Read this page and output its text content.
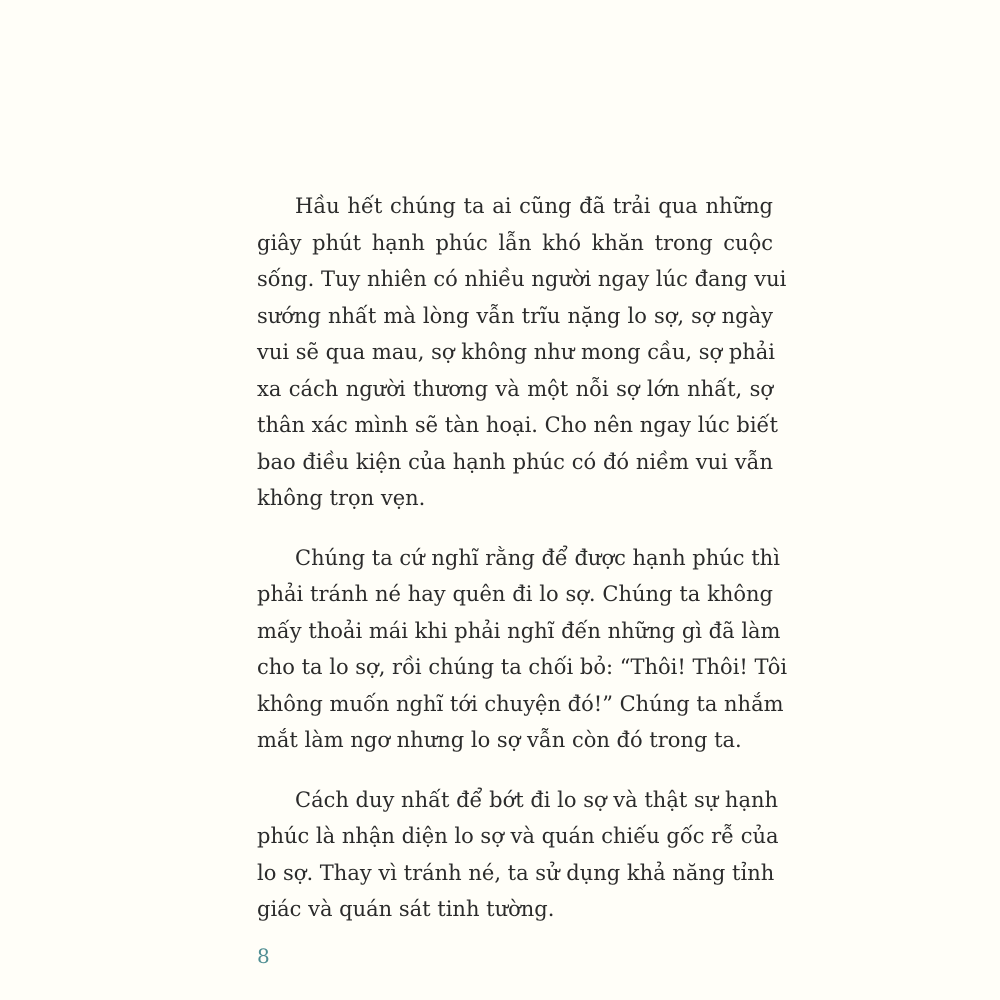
Hầu hết chúng ta ai cũng đã trải qua những
giây phút hạnh phúc lẫn khó khăn trong cuộc
sống. Tuy nhiên có nhiều người ngay lúc đang vui
sướng nhất mà lòng vẫn trĩu nặng lo sợ, sợ ngày
vui sẽ qua mau, sợ không như mong cầu, sợ phải
xa cách người thương và một nỗi sợ lớn nhất, sợ
thân xác mình sẽ tàn hoại. Cho nên ngay lúc biết
bao điều kiện của hạnh phúc có đó niềm vui vẫn
không trọn vẹn.
Chúng ta cứ nghĩ rằng để được hạnh phúc thì
phải tránh né hay quên đi lo sợ. Chúng ta không
mấy thoải mái khi phải nghĩ đến những gì đã làm
cho ta lo sợ, rồi chúng ta chối bỏ: “Thôi! Thôi! Tôi
không muốn nghĩ tới chuyện đó!” Chúng ta nhắm
mắt làm ngơ nhưng lo sợ vẫn còn đó trong ta.
Cách duy nhất để bớt đi lo sợ và thật sự hạnh
phúc là nhận diện lo sợ và quán chiếu gốc rễ của
lo sợ. Thay vì tránh né, ta sử dụng khả năng tỉnh
giác và quán sát tinh tường.
8
